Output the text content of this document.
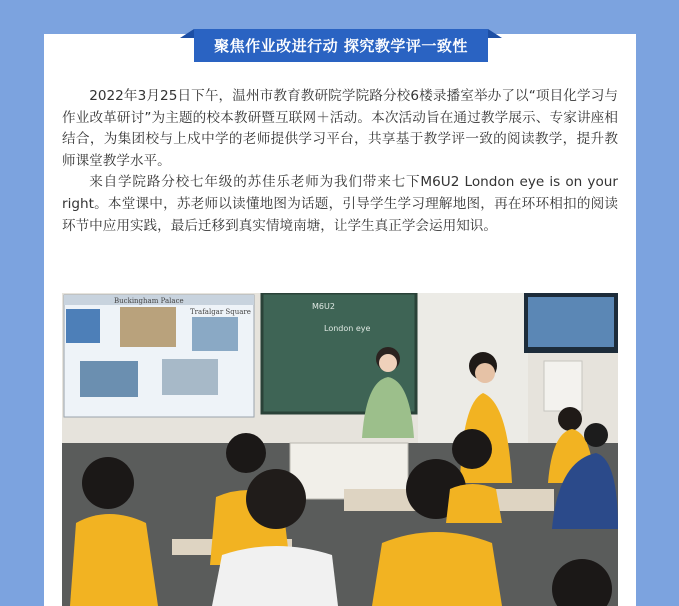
聚焦作业改进行动 探究教学评一致性

2022年3月25日下午，温州市教育教研院学院路分校6楼录播室举办了以“项目化学习与作业改革研讨”为主题的校本教研暨互联网＋活动。本次活动旨在通过教学展示、专家讲座相结合，为集团校与上戍中学的老师提供学习平台，共享基于教学评一致的阅读教学，提升教师课堂教学水平。

来自学院路分校七年级的苏佳乐老师为我们带来七下M6U2 London eye is on your right。本堂课中，苏老师以读懂地图为话题，引导学生学习理解地图，再在环环相扣的阅读环节中应用实践，最后迁移到真实情境南塘，让学生真正学会运用知识。

Buckingham Palace
Trafalgar Square
M6U2
London eye
